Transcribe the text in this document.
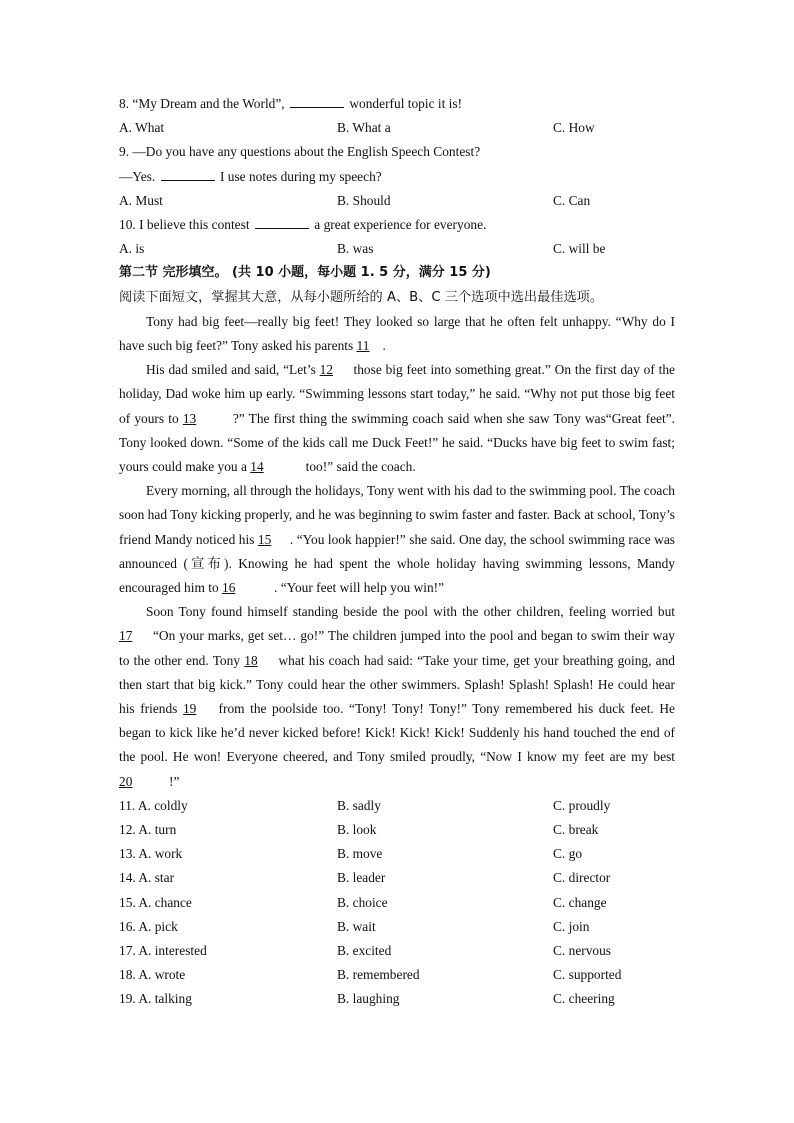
8. “My Dream and the World”,	wonderful topic it is!
A. What	B. What a	C. How
9. —Do you have any questions about the English Speech Contest?
—Yes.	I use notes during my speech?
A. Must	B. Should	C. Can
10. I believe this contest	a great experience for everyone.
A. is	B. was	C. will be
第二节 完形填空。 (共 10 小题，每小题 1. 5 分，满分 15 分)
阅读下面短文，掌握其大意，从每小题所给的 A、B、C 三个选项中选出最佳选项。
Tony had big feet—really big feet! They looked so large that he often felt unhappy. “Why do I have such big feet?” Tony asked his parents 11 .
His dad smiled and said, “Let’s 12 those big feet into something great.” On the first day of the holiday, Dad woke him up early. “Swimming lessons start today,” he said. “Why not put those big feet of yours to 13	?” The first thing the swimming coach said when she saw Tony was“Great feet”. Tony looked down. “Some of the kids call me Duck Feet!” he said. “Ducks have big feet to swim fast; yours could make you a 14	too!” said the coach.
Every morning, all through the holidays, Tony went with his dad to the swimming pool. The coach soon had Tony kicking properly, and he was beginning to swim faster and faster. Back at school, Tony’s friend Mandy noticed his 15 . “You look happier!” she said. One day, the school swimming race was announced (宣布). Knowing he had spent the whole holiday having swimming lessons, Mandy encouraged him to 16	. “Your feet will help you win!”
Soon Tony found himself standing beside the pool with the other children, feeling worried but 17 “On your marks, get set… go!” The children jumped into the pool and began to swim their way to the other end. Tony 18 what his coach had said: “Take your time, get your breathing going, and then start that big kick.” Tony could hear the other swimmers. Splash! Splash! Splash! He could hear his friends 19 from the poolside too. “Tony! Tony! Tony!” Tony remembered his duck feet. He began to kick like he’d never kicked before! Kick! Kick! Kick! Suddenly his hand touched the end of the pool. He won! Everyone cheered, and Tony smiled proudly, “Now I know my feet are my best 20	!”
11. A. coldly	B. sadly	C. proudly
12. A. turn	B. look	C. break
13. A. work	B. move	C. go
14. A. star	B. leader	C. director
15. A. chance	B. choice	C. change
16. A. pick	B. wait	C. join
17. A. interested	B. excited	C. nervous
18. A. wrote	B. remembered	C. supported
19. A. talking	B. laughing	C. cheering
